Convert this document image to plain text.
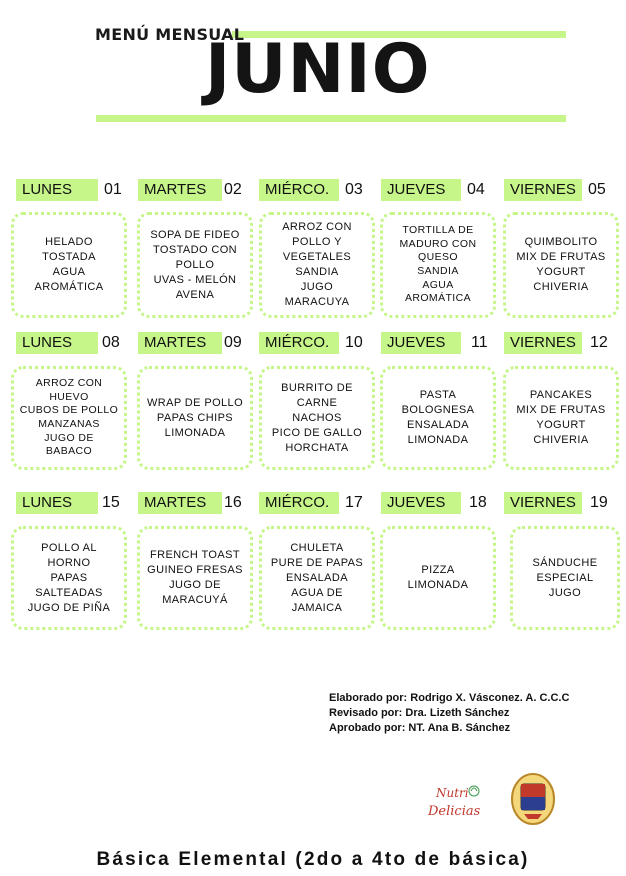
MENÚ MENSUAL
JUNIO
LUNES	01
HELADO
TOSTADA
AGUA
AROMÁTICA
MARTES	02
SOPA DE FIDEO
TOSTADO CON
POLLO
UVAS - MELÓN
AVENA
MIÉRCO. 03
ARROZ CON
POLLO Y
VEGETALES
SANDIA
JUGO
MARACUYA
JUEVES	04
TORTILLA DE
MADURO CON
QUESO
SANDIA
AGUA
AROMÁTICA
VIERNES 05
QUIMBOLITO
MIX DE FRUTAS
YOGURT
CHIVERIA
LUNES	08
ARROZ CON
HUEVO
CUBOS DE POLLO
MANZANAS
JUGO DE
BABACO
MARTES	09
WRAP DE POLLO
PAPAS CHIPS
LIMONADA
MIÉRCO. 10
BURRITO DE
CARNE
NACHOS
PICO DE GALLO
HORCHATA
JUEVES	11
PASTA
BOLOGNESA
ENSALADA
LIMONADA
VIERNES 12
PANCAKES
MIX DE FRUTAS
YOGURT
CHIVERIA
LUNES	15
POLLO AL
HORNO
PAPAS
SALTEADAS
JUGO DE PIÑA
MARTES	16
FRENCH TOAST
GUINEO FRESAS
JUGO DE
MARACUYÁ
MIÉRCO. 17
CHULETA
PURE DE PAPAS
ENSALADA
AGUA DE
JAMAICA
JUEVES	18
PIZZA
LIMONADA
VIERNES 19
SÁNDUCHE
ESPECIAL
JUGO
Elaborado por: Rodrigo X. Vásconez. A. C.C.C
Revisado por: Dra. Lizeth Sánchez
Aprobado por: NT. Ana B. Sánchez
Nutri
Delicias
Básica Elemental (2do a 4to de básica)
